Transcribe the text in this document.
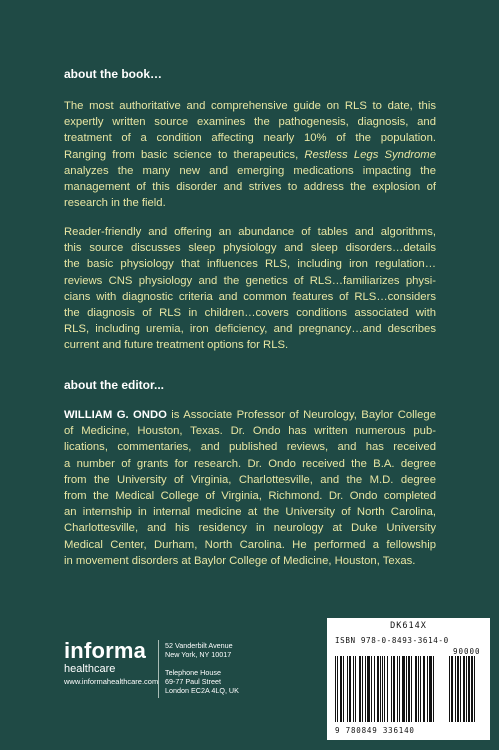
about the book…
The most authoritative and comprehensive guide on RLS to date, this
expertly written source examines the pathogenesis, diagnosis, and
treatment of a condition affecting nearly 10% of the population.
Ranging from basic science to therapeutics, Restless Legs Syndrome
analyzes the many new and emerging medications impacting the
management of this disorder and strives to address the explosion of
research in the field.
Reader-friendly and offering an abundance of tables and algorithms,
this source discusses sleep physiology and sleep disorders…details
the basic physiology that influences RLS, including iron regulation…
reviews CNS physiology and the genetics of RLS…familiarizes physi-
cians with diagnostic criteria and common features of RLS…considers
the diagnosis of RLS in children…covers conditions associated with
RLS, including uremia, iron deficiency, and pregnancy…and describes
current and future treatment options for RLS.
about the editor...
WILLIAM G. ONDO is Associate Professor of Neurology, Baylor College
of Medicine, Houston, Texas. Dr. Ondo has written numerous pub-
lications, commentaries, and published reviews, and has received
a number of grants for research. Dr. Ondo received the B.A. degree
from the University of Virginia, Charlottesville, and the M.D. degree
from the Medical College of Virginia, Richmond. Dr. Ondo completed
an internship in internal medicine at the University of North Carolina,
Charlottesville, and his residency in neurology at Duke University
Medical Center, Durham, North Carolina. He performed a fellowship
in movement disorders at Baylor College of Medicine, Houston, Texas.
informa
healthcare
www.informahealthcare.com
52 Vanderbilt Avenue
New York, NY 10017
Telephone House
69-77 Paul Street
London EC2A 4LQ, UK
DK614X
ISBN 978-0-8493-3614-0
90000
9 780849 336140
